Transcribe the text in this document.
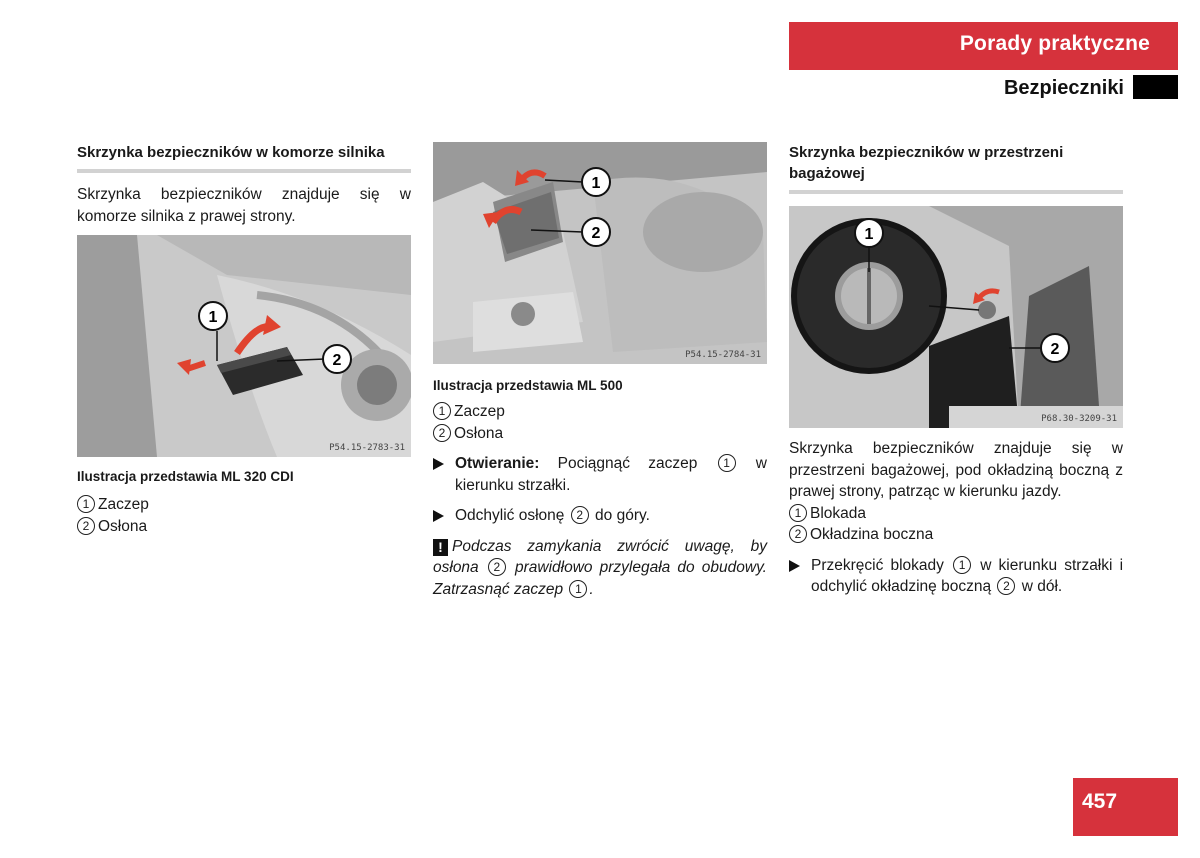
Porady praktyczne
Bezpieczniki

Skrzynka bezpieczników w komorze silnika

Skrzynka bezpieczników znajduje się w komorze silnika z prawej strony.

1
2
P54.15-2783-31

Ilustracja przedstawia ML 320 CDI

1 Zaczep

2 Osłona

1
2
P54.15-2784-31

Ilustracja przedstawia ML 500

1 Zaczep

2 Osłona

Otwieranie: Pociągnąć zaczep 1 w kierunku strzałki.

Odchylić osłonę 2 do góry.

! Podczas zamykania zwrócić uwagę, by osłona 2 prawidłowo przylegała do obudowy. Zatrzasnąć zaczep 1 .

Skrzynka bezpieczników w przestrzeni bagażowej

1
2
P68.30-3209-31

Skrzynka bezpieczników znajduje się w przestrzeni bagażowej, pod okładziną boczną z prawej strony, patrząc w kierunku jazdy.

1 Blokada

2 Okładzina boczna

Przekręcić blokady 1 w kierunku strzałki i odchylić okładzinę boczną 2 w dół.

457
